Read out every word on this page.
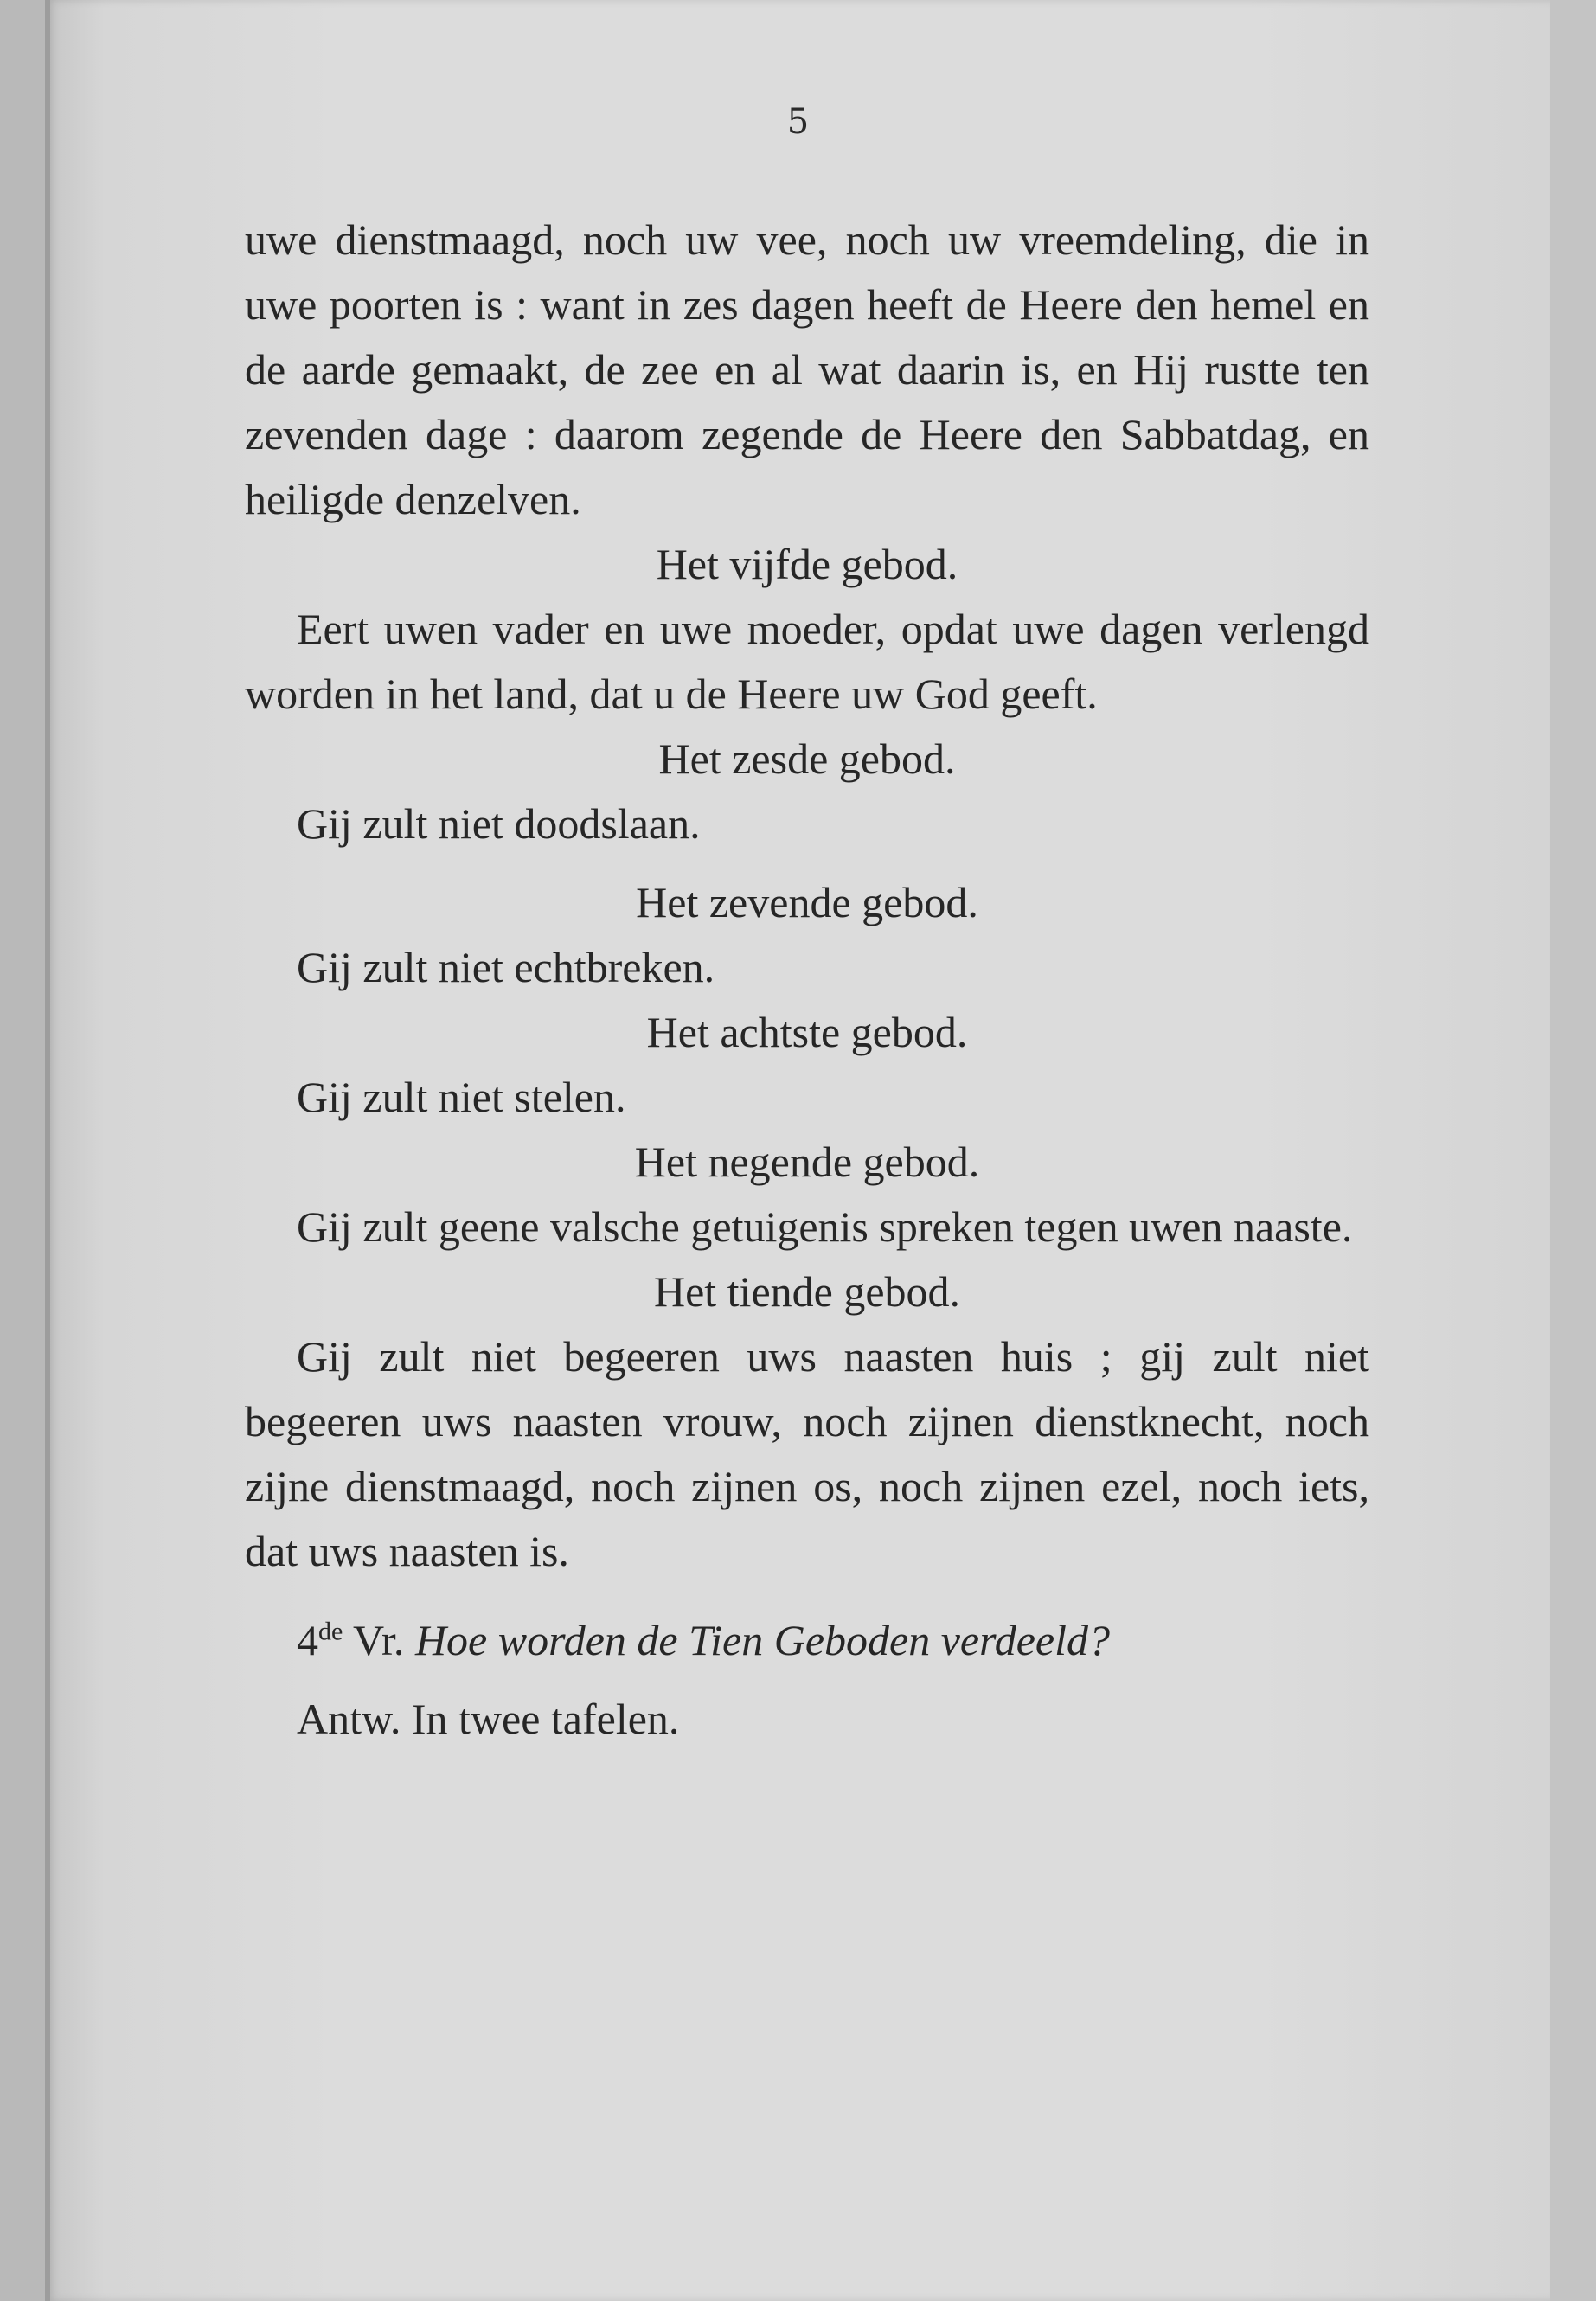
5

uwe dienstmaagd, noch uw vee, noch uw vreemdeling, die in uwe poorten is : want in zes dagen heeft de Heere den hemel en de aarde gemaakt, de zee en al wat daarin is, en Hij rustte ten zevenden dage : daarom zegende de Heere den Sabbatdag, en heiligde denzelven.

Het vijfde gebod.

Eert uwen vader en uwe moeder, opdat uwe dagen verlengd worden in het land, dat u de Heere uw God geeft.

Het zesde gebod.

Gij zult niet doodslaan.

Het zevende gebod.

Gij zult niet echtbreken.

Het achtste gebod.

Gij zult niet stelen.

Het negende gebod.

Gij zult geene valsche getuigenis spreken tegen uwen naaste.

Het tiende gebod.

Gij zult niet begeeren uws naasten huis ; gij zult niet begeeren uws naasten vrouw, noch zijnen dienstknecht, noch zijne dienstmaagd, noch zijnen os, noch zijnen ezel, noch iets, dat uws naasten is.

4de Vr. Hoe worden de Tien Geboden verdeeld?

Antw. In twee tafelen.
